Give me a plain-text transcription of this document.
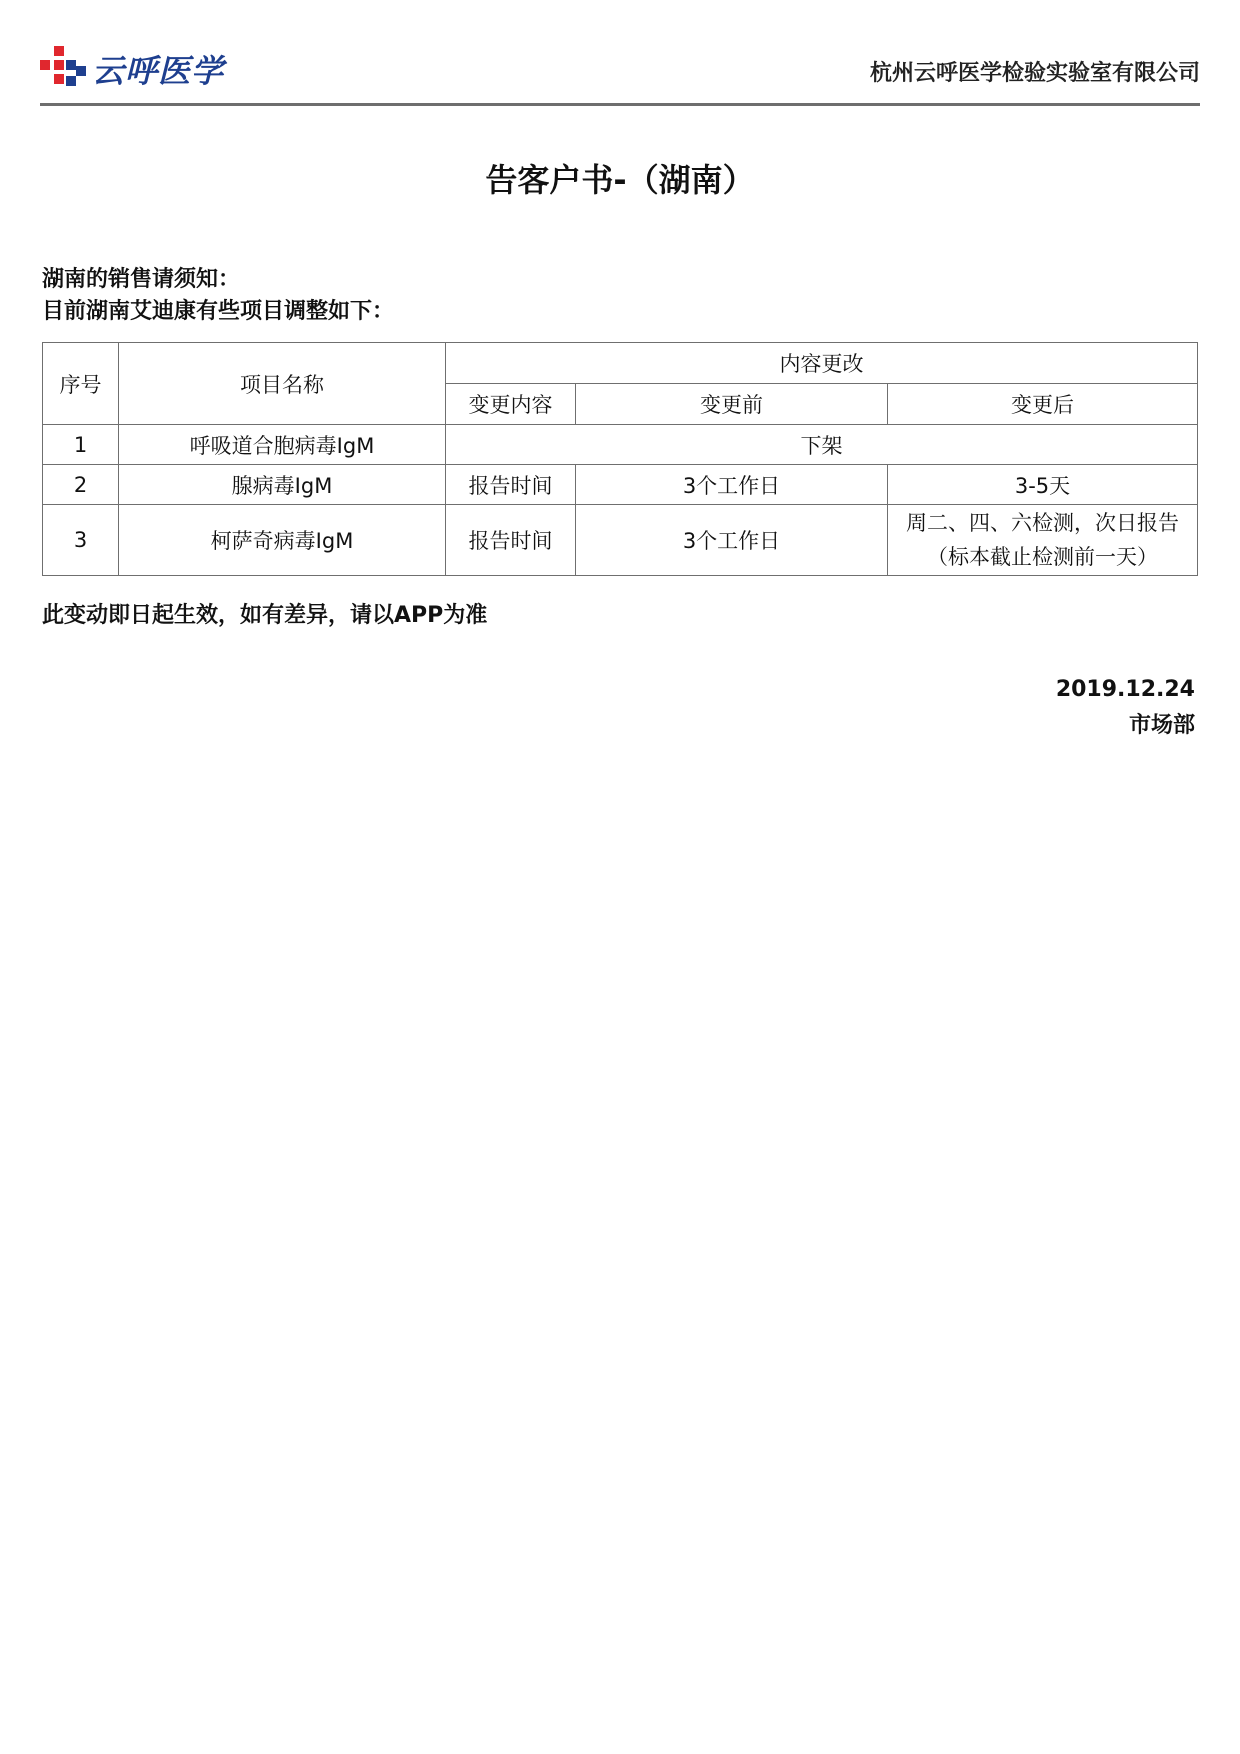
云呼医学	杭州云呼医学检验实验室有限公司
告客户书-（湖南）
湖南的销售请须知：
目前湖南艾迪康有些项目调整如下：
序号	项目名称	内容更改		
		变更内容	变更前	变更后
1	呼吸道合胞病毒IgM	下架		
2	腺病毒IgM	报告时间	3个工作日	3-5天
3	柯萨奇病毒IgM	报告时间	3个工作日	周二、四、六检测，次日报告（标本截止检测前一天）
此变动即日起生效，如有差异，请以APP为准
2019.12.24
市场部
